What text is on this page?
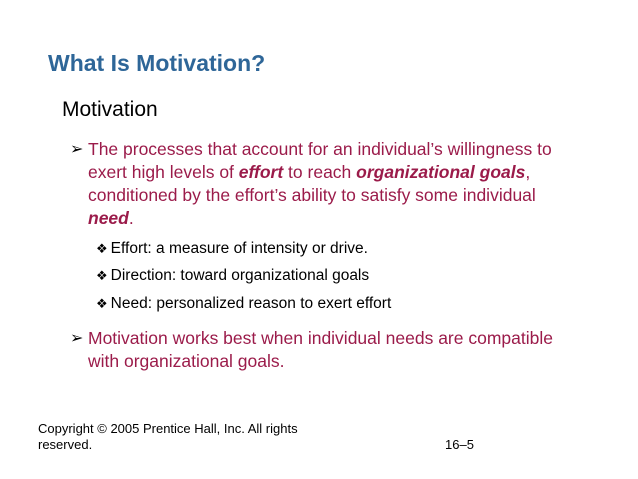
What Is Motivation?
Motivation
➢ The processes that account for an individual’s willingness to exert high levels of effort to reach organizational goals, conditioned by the effort’s ability to satisfy some individual need.
❖ Effort: a measure of intensity or drive.
❖ Direction: toward organizational goals
❖ Need: personalized reason to exert effort
➢ Motivation works best when individual needs are compatible with organizational goals.
Copyright © 2005 Prentice Hall, Inc. All rights reserved.	16–5
